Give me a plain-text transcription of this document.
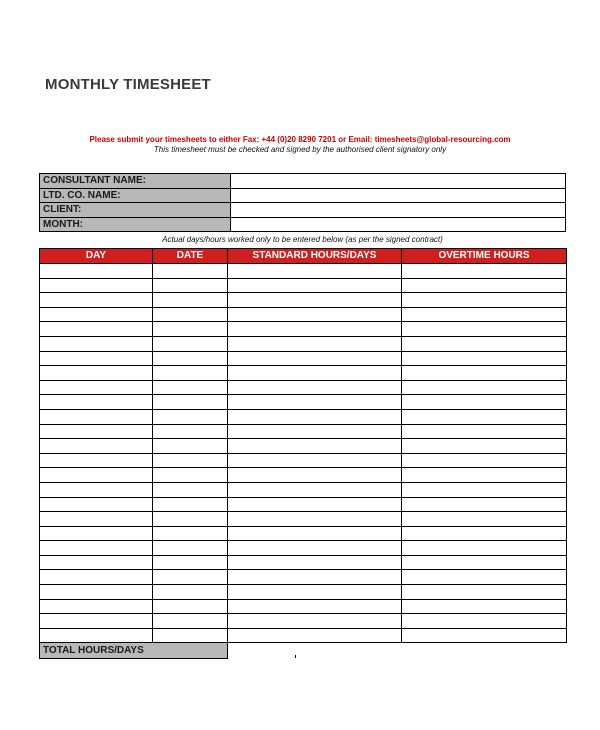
MONTHLY TIMESHEET
Please submit your timesheets to either Fax: +44 (0)20 8290 7201 or Email: timesheets@global-resourcing.com
This timesheet must be checked and signed by the authorised client signatory only
CONSULTANT NAME:	
LTD. CO. NAME:	
CLIENT:	
MONTH:	
Actual days/hours worked only to be entered below (as per the signed contract)
DAY	DATE	STANDARD HOURS/DAYS	OVERTIME HOURS

TOTAL HOURS/DAYS			
